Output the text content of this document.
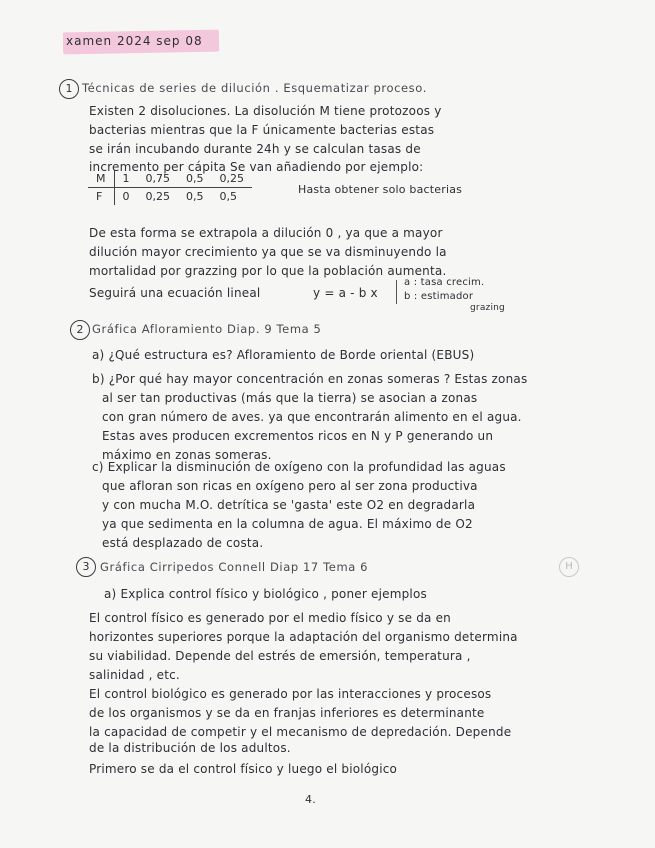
xamen 2024 sep 08
1 Técnicas de series de dilución . Esquematizar proceso.
Existen 2 disoluciones. La disolución M tiene protozoos y
bacterias mientras que la F únicamente bacterias estas
se irán incubando durante 24h y se calculan tasas de
incremento per cápita Se van añadiendo por ejemplo:
M	1	0,75	0,5	0,25
F	0	0,25	0,5	0,5
Hasta obtener solo bacterias
De esta forma se extrapola a dilución 0 , ya que a mayor
dilución mayor crecimiento ya que se va disminuyendo la
mortalidad por grazzing por lo que la población aumenta.
Seguirá una ecuación lineal	y = a - b x
a : tasa crecim.
b : estimador
grazing
2 Gráfica Afloramiento Diap. 9 Tema 5
a) ¿Qué estructura es? Afloramiento de Borde oriental (EBUS)
b) ¿Por qué hay mayor concentración en zonas someras ? Estas zonas
al ser tan productivas (más que la tierra) se asocian a zonas
con gran número de aves. ya que encontrarán alimento en el agua.
Estas aves producen excrementos ricos en N y P generando un
máximo en zonas someras.
c) Explicar la disminución de oxígeno con la profundidad las aguas
que afloran son ricas en oxígeno pero al ser zona productiva
y con mucha M.O. detrítica se 'gasta' este O2 en degradarla
ya que sedimenta en la columna de agua. El máximo de O2
está desplazado de costa.
3 Gráfica Cirripedos Connell Diap 17 Tema 6	H
a) Explica control físico y biológico , poner ejemplos
El control físico es generado por el medio físico y se da en
horizontes superiores porque la adaptación del organismo determina
su viabilidad. Depende del estrés de emersión, temperatura ,
salinidad , etc.
El control biológico es generado por las interacciones y procesos
de los organismos y se da en franjas inferiores es determinante
la capacidad de competir y el mecanismo de depredación. Depende
de la distribución de los adultos.
Primero se da el control físico y luego el biológico
4.
